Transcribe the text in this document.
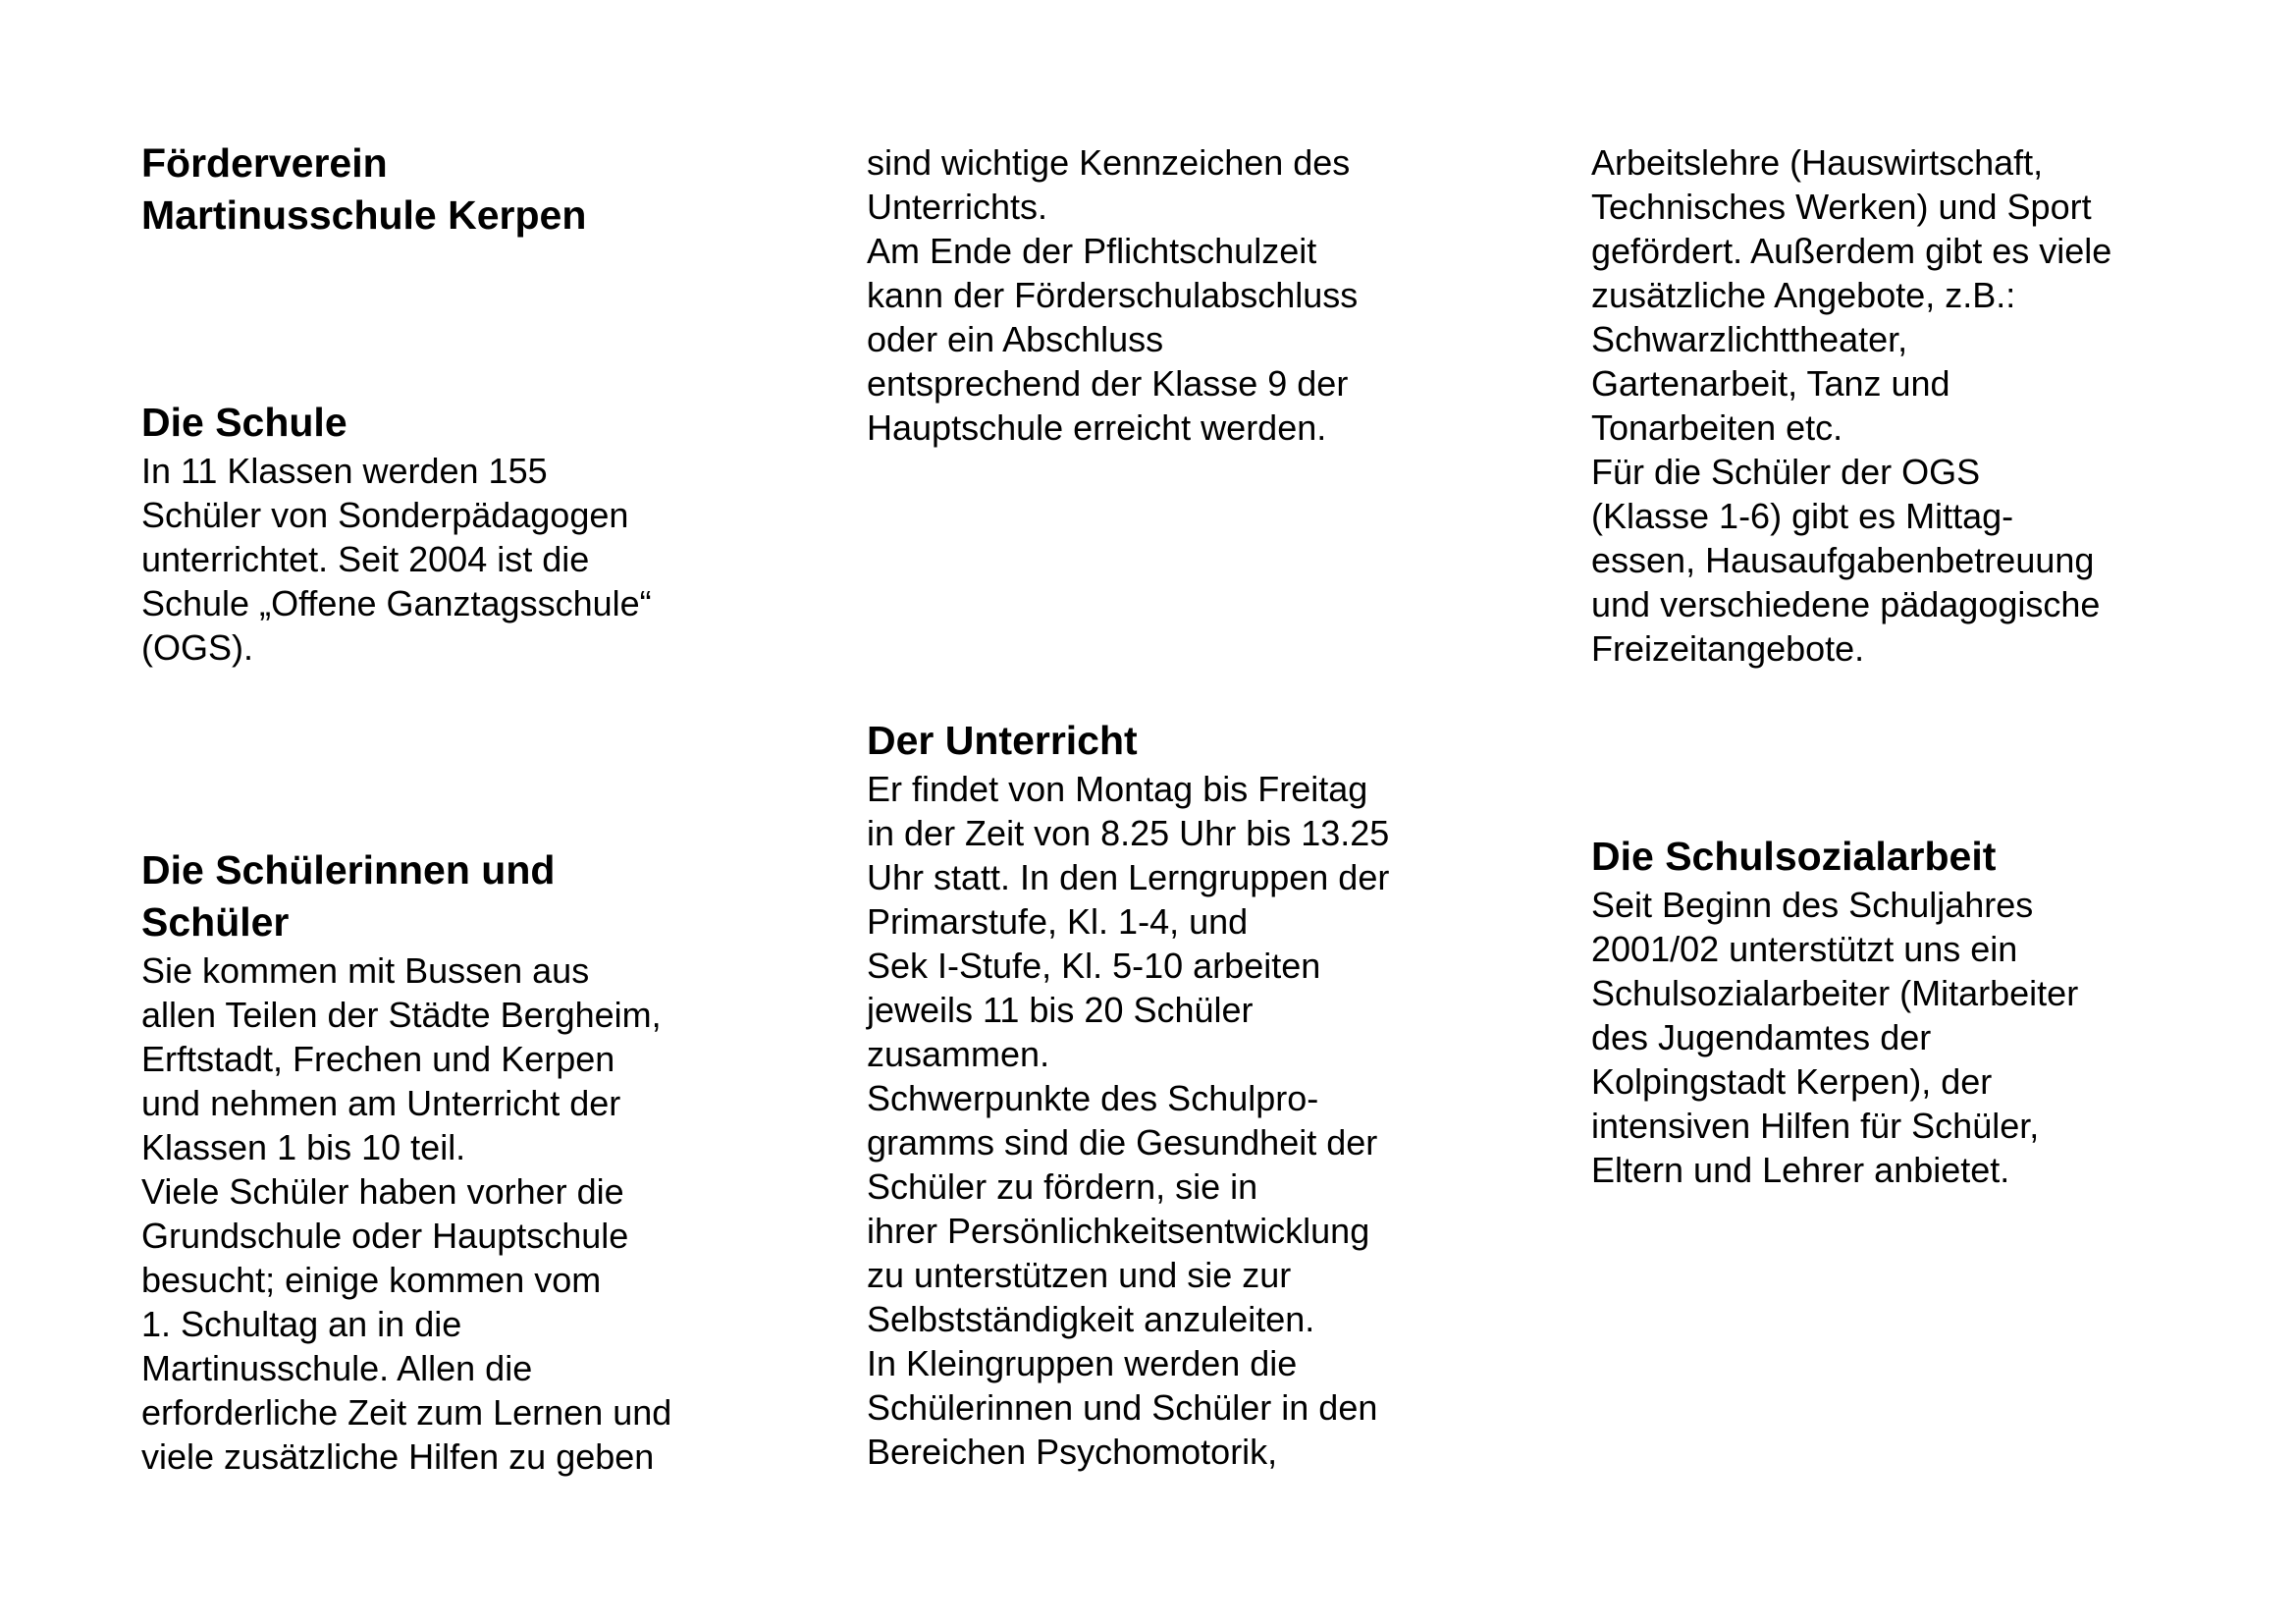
Förderverein
Martinusschule Kerpen
Die Schule

In 11 Klassen werden 155

Schüler von Sonderpädagogen

unterrichtet. Seit 2004 ist die

Schule „Offene Ganztagsschule“

(OGS).

Die Schülerinnen und
Schüler

Sie kommen mit Bussen aus

allen Teilen der Städte Bergheim,

Erftstadt, Frechen und Kerpen

und nehmen am Unterricht der

Klassen 1 bis 10 teil.

Viele Schüler haben vorher die

Grundschule oder Hauptschule

besucht; einige kommen vom

1. Schultag an in die

Martinusschule. Allen die

erforderliche Zeit zum Lernen und

viele zusätzliche Hilfen zu geben

sind wichtige Kennzeichen des

Unterrichts.

Am Ende der Pflichtschulzeit

kann der Förderschulabschluss

oder ein Abschluss

entsprechend der Klasse 9 der

Hauptschule erreicht werden.

Der Unterricht

Er findet von Montag bis Freitag

in der Zeit von 8.25 Uhr bis 13.25

Uhr statt. In den Lerngruppen der

Primarstufe, Kl. 1-4, und

Sek I-Stufe, Kl. 5-10 arbeiten

jeweils 11 bis 20 Schüler

zusammen.

Schwerpunkte des Schulpro-

gramms sind die Gesundheit der

Schüler zu fördern, sie in

ihrer Persönlichkeitsentwicklung

zu unterstützen und sie zur

Selbstständigkeit anzuleiten.

In Kleingruppen werden die

Schülerinnen und Schüler in den

Bereichen Psychomotorik,

Arbeitslehre (Hauswirtschaft,

Technisches Werken) und Sport

gefördert. Außerdem gibt es viele

zusätzliche Angebote, z.B.:

Schwarzlichttheater,

Gartenarbeit, Tanz und

Tonarbeiten etc.

Für die Schüler der OGS

(Klasse 1-6) gibt es Mittag-

essen, Hausaufgabenbetreuung

und verschiedene pädagogische

Freizeitangebote.

Die Schulsozialarbeit

Seit Beginn des Schuljahres

2001/02 unterstützt uns ein

Schulsozialarbeiter (Mitarbeiter

des Jugendamtes der

Kolpingstadt Kerpen), der

intensiven Hilfen für Schüler,

Eltern und Lehrer anbietet.
